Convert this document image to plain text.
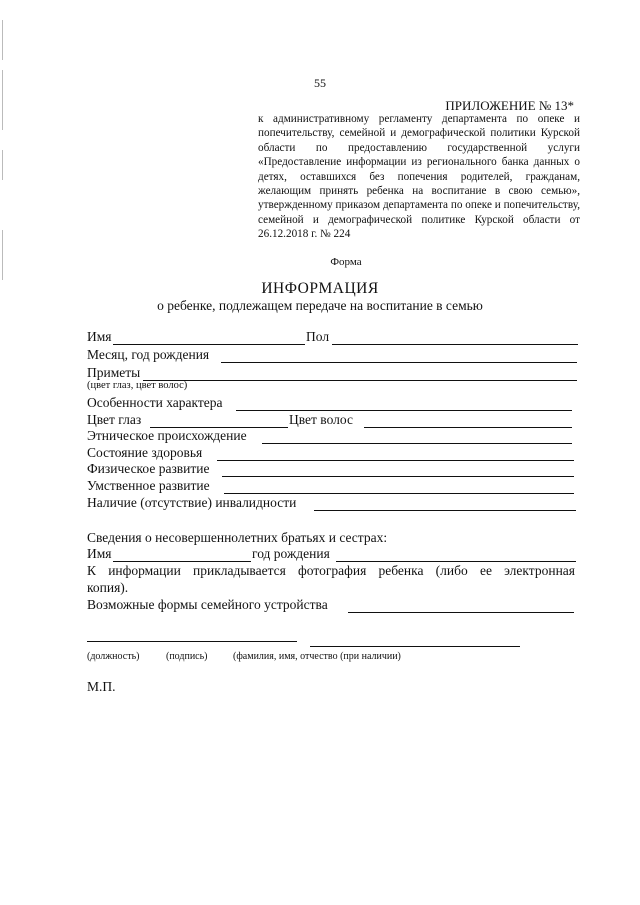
55
ПРИЛОЖЕНИЕ № 13*
к административному регламенту департамента по опеке и попечительству, семейной и демографической политики Курской области по предоставлению государственной услуги «Предоставление информации из регионального банка данных о детях, оставшихся без попечения родителей, гражданам, желающим принять ребенка на воспитание в свою семью», утвержденному приказом департамента по опеке и попечительству, семейной и демографической политике Курской области от 26.12.2018 г. № 224
Форма
ИНФОРМАЦИЯ
о ребенке, подлежащем передаче на воспитание в семью
Имя	Пол
Месяц, год рождения
Приметы
(цвет глаз, цвет волос)
Особенности характера
Цвет глаз	Цвет волос
Этническое происхождение
Состояние здоровья
Физическое развитие
Умственное развитие
Наличие (отсутствие) инвалидности
Сведения о несовершеннолетних братьях и сестрах:
Имя	год рождения
К информации прикладывается фотография ребенка (либо ее электронная
копия).
Возможные формы семейного устройства
(должность)	(подпись)	(фамилия, имя, отчество (при наличии)
М.П.
